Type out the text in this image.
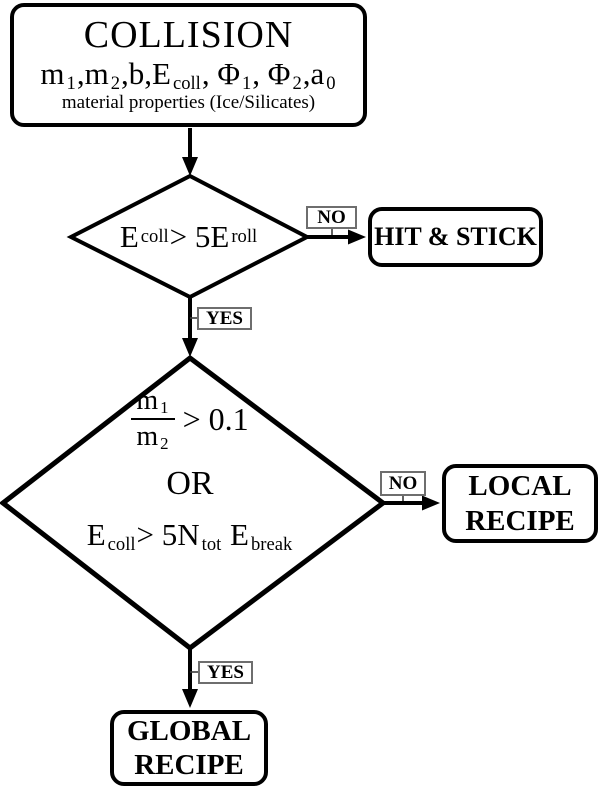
COLLISION
m $_1$,m $_2$,b,E $_{coll}$, Φ $_1$, Φ $_2$,a $_0$
material properties (Ice/Silicates)
E coll > 5E roll
NO
HIT & STICK
YES
$\frac{m _1}{m _2} > 0.1$
OR
E $_{coll}$> 5N $_{tot}$ E $_{break}$
NO	LOCAL
RECIPE
YES
GLOBAL
RECIPE
